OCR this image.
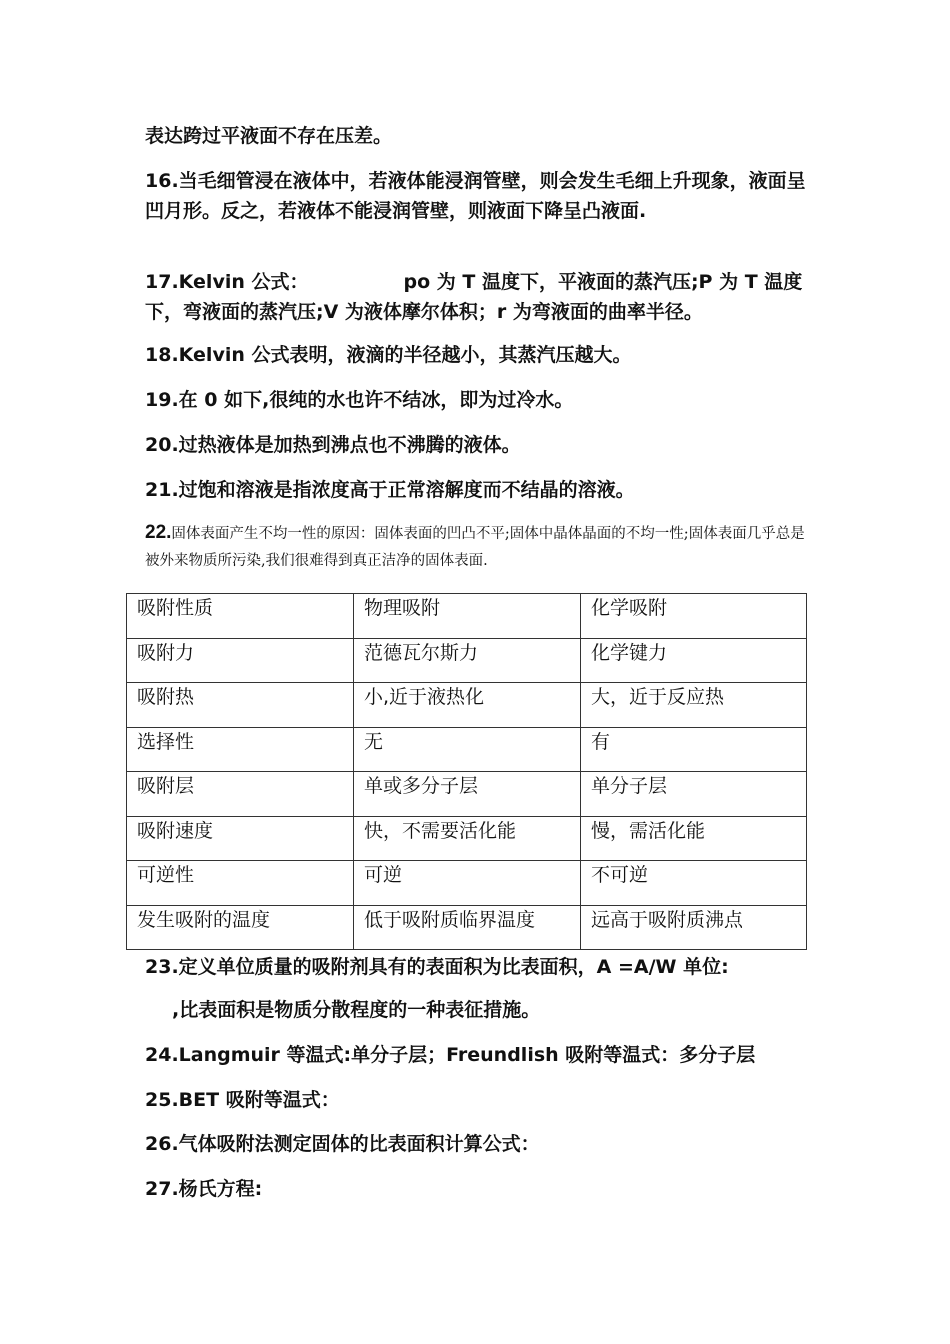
表达跨过平液面不存在压差。

16.当毛细管浸在液体中，若液体能浸润管壁，则会发生毛细上升现象，液面呈凹月形。反之，若液体不能浸润管壁，则液面下降呈凸液面.

17.Kelvin 公式：	po 为 T 温度下，平液面的蒸汽压;P 为 T 温度下，弯液面的蒸汽压;V 为液体摩尔体积；r 为弯液面的曲率半径。

18.Kelvin 公式表明，液滴的半径越小，其蒸汽压越大。

19.在 0 如下,很纯的水也许不结冰，即为过冷水。

20.过热液体是加热到沸点也不沸腾的液体。

21.过饱和溶液是指浓度高于正常溶解度而不结晶的溶液。

22.固体表面产生不均一性的原因：固体表面的凹凸不平;固体中晶体晶面的不均一性;固体表面几乎总是被外来物质所污染,我们很难得到真正洁净的固体表面.

吸附性质	物理吸附	化学吸附
吸附力	范德瓦尔斯力	化学键力
吸附热	小,近于液热化	大，近于反应热
选择性	无	有
吸附层	单或多分子层	单分子层
吸附速度	快，不需要活化能	慢，需活化能
可逆性	可逆	不可逆
发生吸附的温度	低于吸附质临界温度	远高于吸附质沸点

23.定义单位质量的吸附剂具有的表面积为比表面积，A =A/W 单位:

,比表面积是物质分散程度的一种表征措施。

24.Langmuir 等温式:单分子层；Freundlish 吸附等温式：多分子层

25.BET 吸附等温式：

26.气体吸附法测定固体的比表面积计算公式：

27.杨氏方程:
